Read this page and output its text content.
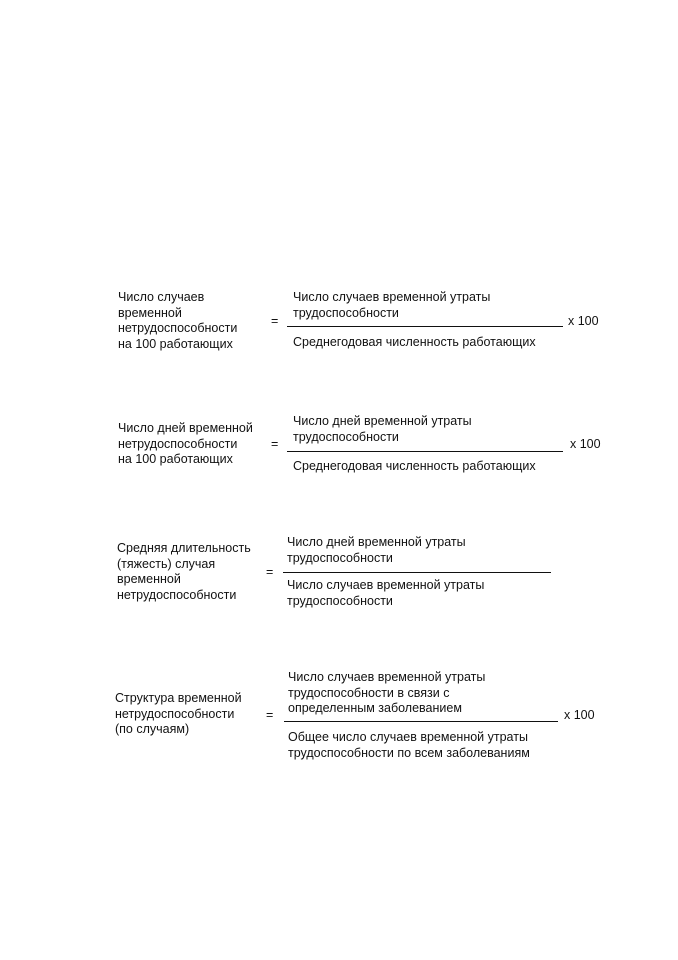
Число случаев
временной
нетрудоспособности
на 100 работающих
=
Число случаев временной утраты
трудоспособности
Среднегодовая численность работающих
х 100
Число дней временной
нетрудоспособности
на 100 работающих
=
Число дней временной утраты
трудоспособности
Среднегодовая численность работающих
х 100
Средняя длительность
(тяжесть) случая
временной
нетрудоспособности
=
Число дней временной утраты
трудоспособности
Число случаев временной утраты
трудоспособности
Структура временной
нетрудоспособности
(по случаям)
=
Число случаев временной утраты
трудоспособности в связи с
определенным заболеванием
Общее число случаев временной утраты
трудоспособности по всем заболеваниям
х 100
